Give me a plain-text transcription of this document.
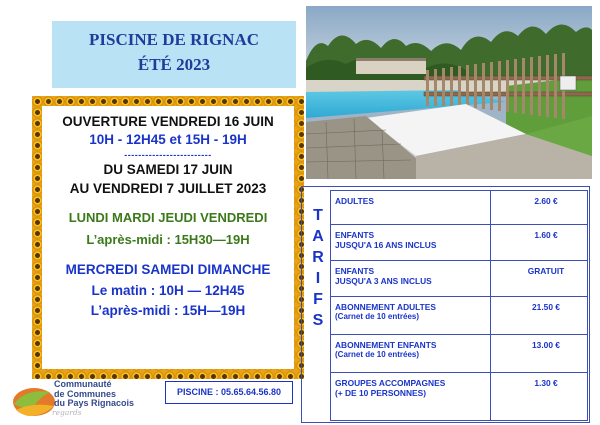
PISCINE DE RIGNAC
ÉTÉ 2023
OUVERTURE VENDREDI 16 JUIN
10H - 12H45 et 15H - 19H
-------------------------
DU SAMEDI 17 JUIN
AU VENDREDI 7 JUILLET 2023
LUNDI MARDI JEUDI VENDREDI
L’après-midi : 15H30—19H
MERCREDI SAMEDI DIMANCHE
Le matin : 10H — 12H45
L’après-midi : 15H—19H
T
A
R
I
F
S
ADULTES	2.60 €

ENFANTS
JUSQU'A 16 ANS INCLUS	1.60 €

ENFANTS
JUSQU'A 3 ANS INCLUS	GRATUIT

ABONNEMENT ADULTES
(Carnet de 10 entrées)	21.50 €

ABONNEMENT ENFANTS
(Carnet de 10 entrées)	13.00 €

GROUPES ACCOMPAGNES
(+ DE 10 PERSONNES)	1.30 €
PISCINE : 05.65.64.56.80
Communauté
de Communes
du Pays Rignacois
regards
